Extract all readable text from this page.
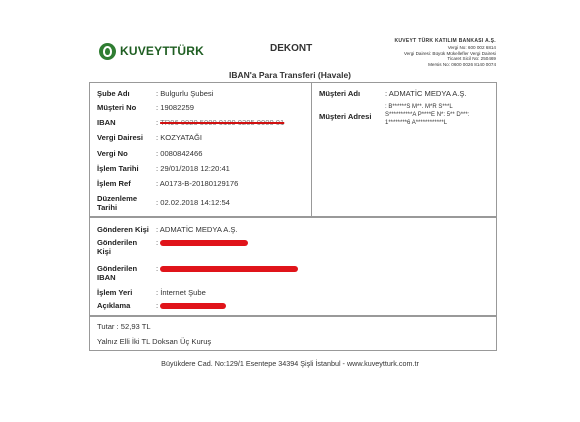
KUVEYTTÜRK	DEKONT
KUVEYT TÜRK KATILIM BANKASI A.Ş.
Vergi No: 600 002 6814
Vergi Dairesi: Büyük Mükellefler Vergi Dairesi
Ticaret Sicil No: 250469
Mersis No: 0600 0026 8140 0074
IBAN'a Para Transferi (Havale)
Şube Adı	: Bulgurlu Şubesi
Müşteri No	: 19082259
IBAN	: TR96 0020 5000 0109 0205 0000 01
Vergi Dairesi	: KOZYATAĞI
Vergi No	: 0080842466
İşlem Tarihi	: 29/01/2018 12:20:41
İşlem Ref	: A0173-B-20180129176
Düzenleme Tarihi
: 02.02.2018 14:12:54
Müşteri Adı	: ADMATİC MEDYA A.Ş.
Müşteri Adresi
: B******S M**. M*R S***L
S**********A P****E N*: 5** D***:
1********6 A************L
Gönderen Kişi : ADMATİC MEDYA A.Ş.
Gönderilen Kişi
:
Gönderilen IBAN
:
İşlem Yeri	: İnternet Şube
Açıklama	:
Tutar : 52,93 TL
Yalnız Elli İki TL Doksan Üç Kuruş
Büyükdere Cad. No:129/1 Esentepe 34394 Şişli İstanbul - www.kuveytturk.com.tr
